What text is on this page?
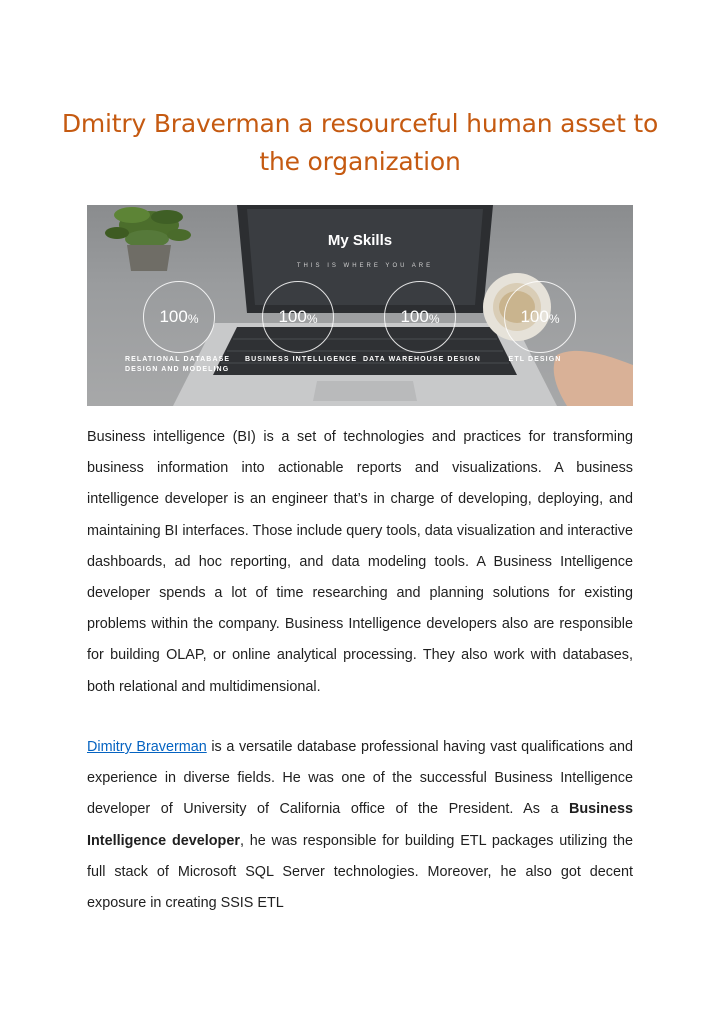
Dmitry Braverman a resourceful human asset to the organization
THIS IS WHERE YOU ARE
My Skills
100 %	100 %	100 %	100 %
RELATIONAL DATABASE DESIGN AND MODELING
BUSINESS INTELLIGENCE DATA WAREHOUSE DESIGN	ETL DESIGN

Business intelligence (BI) is a set of technologies and practices for transforming business information into actionable reports and visualizations. A business intelligence developer is an engineer that’s in charge of developing, deploying, and maintaining BI interfaces. Those include query tools, data visualization and interactive dashboards, ad hoc reporting, and data modeling tools. A Business Intelligence developer spends a lot of time researching and planning solutions for existing problems within the company. Business Intelligence developers also are responsible for building OLAP, or online analytical processing. They also work with databases, both relational and multidimensional.

Dimitry Braverman is a versatile database professional having vast qualifications and experience in diverse fields. He was one of the successful Business Intelligence developer of University of California office of the President. As a Business Intelligence developer, he was responsible for building ETL packages utilizing the full stack of Microsoft SQL Server technologies. Moreover, he also got decent exposure in creating SSIS ETL
